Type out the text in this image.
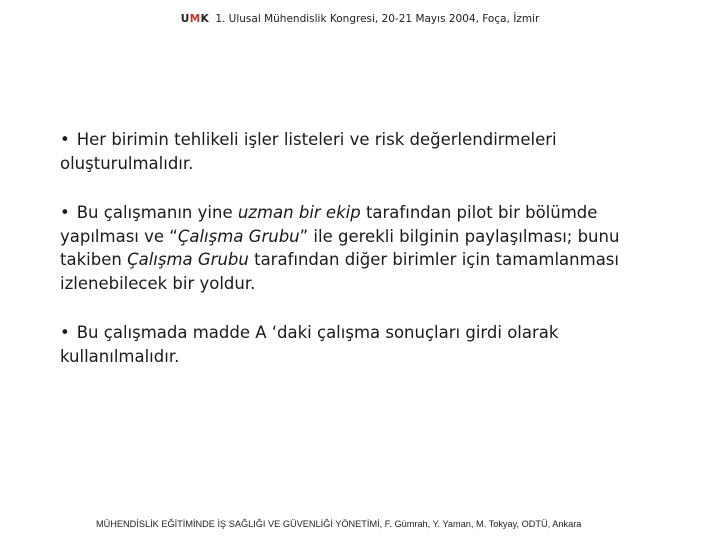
UMK 1. Ulusal Mühendislik Kongresi, 20-21 Mayıs 2004, Foça, İzmir

• Her birimin tehlikeli işler listeleri ve risk değerlendirmeleri oluşturulmalıdır.

• Bu çalışmanın yine uzman bir ekip tarafından pilot bir bölümde yapılması ve “Çalışma Grubu” ile gerekli bilginin paylaşılması; bunu takiben Çalışma Grubu tarafından diğer birimler için tamamlanması izlenebilecek bir yoldur.

• Bu çalışmada madde A ‘daki çalışma sonuçları girdi olarak kullanılmalıdır.

MÜHENDİSLİK EĞİTİMİNDE İŞ SAĞLIĞI VE GÜVENLİĞİ YÖNETİMİ, F. Gümrah, Y. Yaman, M. Tokyay, ODTÜ, Ankara
